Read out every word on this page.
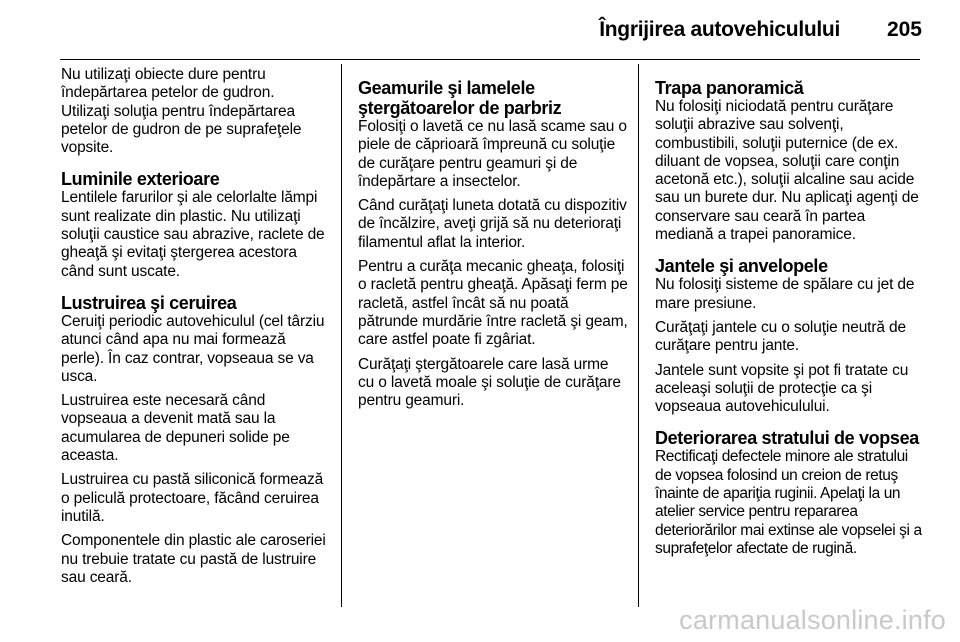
Îngrijirea autovehiculului 205

Nu utilizaţi obiecte dure pentru îndepărtarea petelor de gudron. Utilizaţi soluţia pentru îndepărtarea petelor de gudron de pe suprafeţele vopsite.

Luminile exterioare

Lentilele farurilor şi ale celorlalte lămpi sunt realizate din plastic. Nu utilizaţi soluţii caustice sau abrazive, raclete de gheaţă şi evitaţi ştergerea acestora când sunt uscate.

Lustruirea şi ceruirea

Ceruiţi periodic autovehiculul (cel târziu atunci când apa nu mai formează perle). În caz contrar, vopseaua se va usca.

Lustruirea este necesară când vopseaua a devenit mată sau la acumularea de depuneri solide pe aceasta.

Lustruirea cu pastă siliconică formează o peliculă protectoare, făcând ceruirea inutilă.

Componentele din plastic ale caroseriei nu trebuie tratate cu pastă de lustruire sau ceară.

Geamurile şi lamelele ştergătoarelor de parbriz

Folosiţi o lavetă ce nu lasă scame sau o piele de căprioară împreună cu soluţie de curăţare pentru geamuri şi de îndepărtare a insectelor.

Când curăţaţi luneta dotată cu dispozitiv de încălzire, aveţi grijă să nu deterioraţi filamentul aflat la interior.

Pentru a curăţa mecanic gheaţa, folosiţi o racletă pentru gheaţă. Apăsaţi ferm pe racletă, astfel încât să nu poată pătrunde murdărie între racletă şi geam, care astfel poate fi zgâriat.

Curăţaţi ştergătoarele care lasă urme cu o lavetă moale şi soluţie de curăţare pentru geamuri.

Trapa panoramică

Nu folosiţi niciodată pentru curăţare soluţii abrazive sau solvenţi, combustibili, soluţii puternice (de ex. diluant de vopsea, soluţii care conţin acetonă etc.), soluţii alcaline sau acide sau un burete dur. Nu aplicaţi agenţi de conservare sau ceară în partea mediană a trapei panoramice.

Jantele şi anvelopele

Nu folosiţi sisteme de spălare cu jet de mare presiune.

Curăţaţi jantele cu o soluţie neutră de curăţare pentru jante.

Jantele sunt vopsite şi pot fi tratate cu aceleaşi soluţii de protecţie ca şi vopseaua autovehiculului.

Deteriorarea stratului de vopsea

Rectificaţi defectele minore ale stratului de vopsea folosind un creion de retuş înainte de apariţia ruginii. Apelaţi la un atelier service pentru repararea deteriorărilor mai extinse ale vopselei şi a suprafeţelor afectate de rugină.

carmanualsonline.info
